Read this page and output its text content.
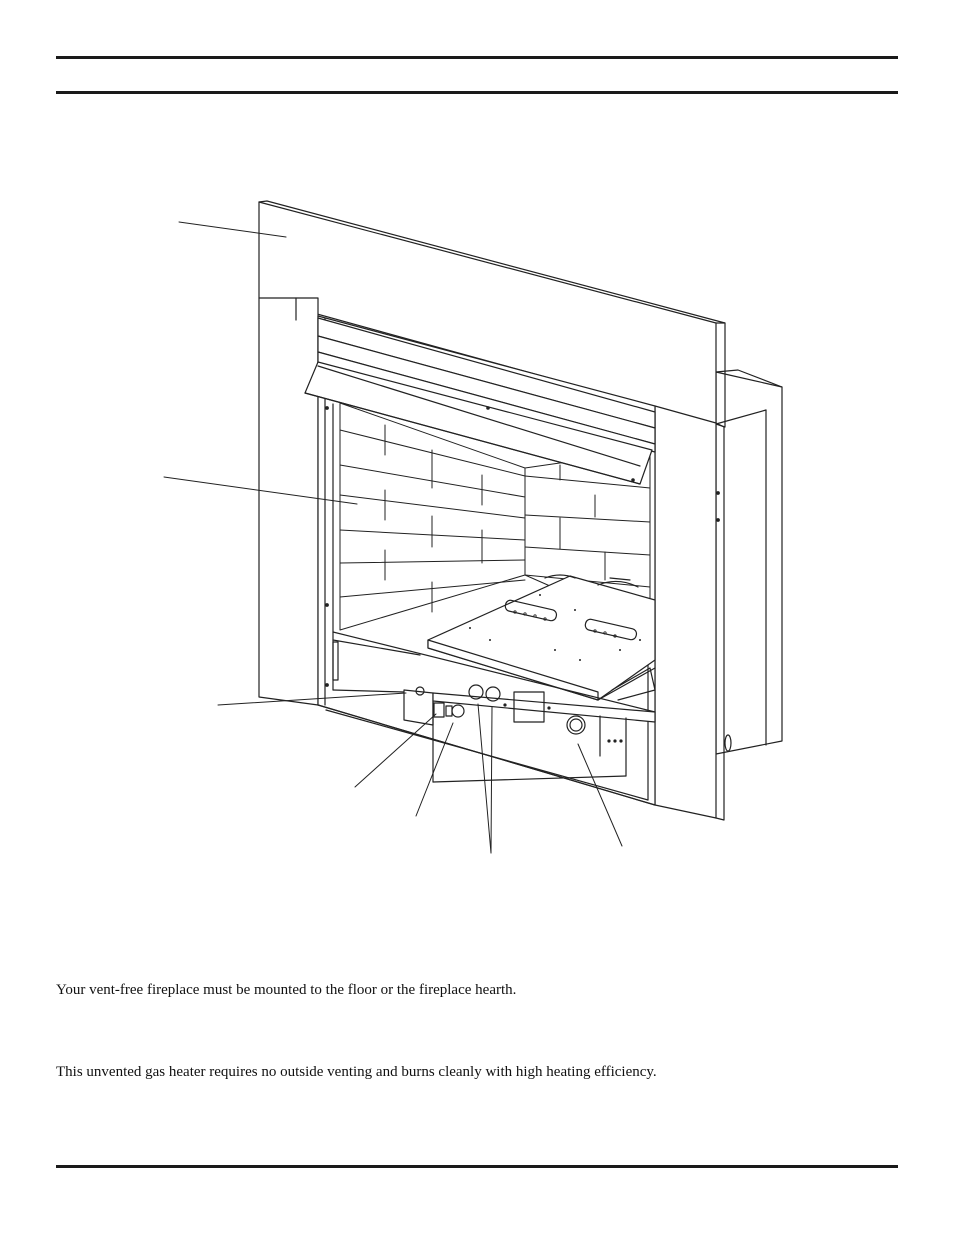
Your vent-free fireplace must be mounted to the floor or the fireplace hearth.

This unvented gas heater requires no outside venting and burns cleanly with high heating efficiency.
